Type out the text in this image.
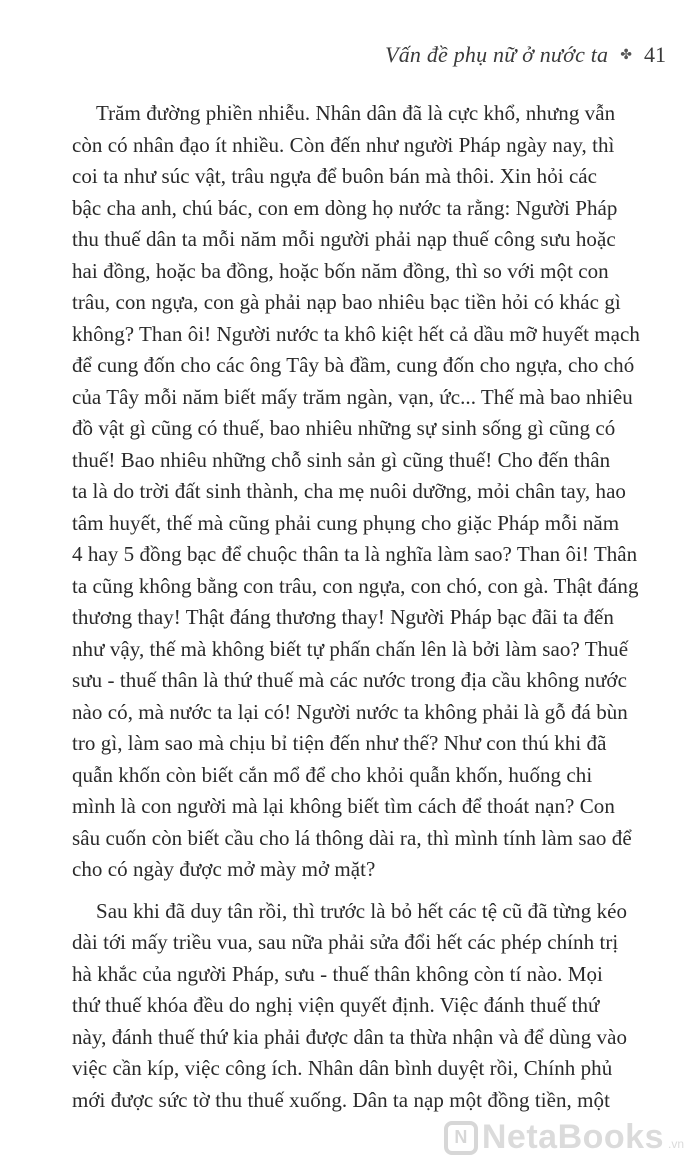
Vấn đề phụ nữ ở nước ta ✤ 41

Trăm đường phiền nhiễu. Nhân dân đã là cực khổ, nhưng vẫn

còn có nhân đạo ít nhiều. Còn đến như người Pháp ngày nay, thì

coi ta như súc vật, trâu ngựa để buôn bán mà thôi. Xin hỏi các

bậc cha anh, chú bác, con em dòng họ nước ta rằng: Người Pháp

thu thuế dân ta mỗi năm mỗi người phải nạp thuế công sưu hoặc

hai đồng, hoặc ba đồng, hoặc bốn năm đồng, thì so với một con

trâu, con ngựa, con gà phải nạp bao nhiêu bạc tiền hỏi có khác gì

không? Than ôi! Người nước ta khô kiệt hết cả dầu mỡ huyết mạch

để cung đốn cho các ông Tây bà đầm, cung đốn cho ngựa, cho chó

của Tây mỗi năm biết mấy trăm ngàn, vạn, ức... Thế mà bao nhiêu

đồ vật gì cũng có thuế, bao nhiêu những sự sinh sống gì cũng có

thuế! Bao nhiêu những chỗ sinh sản gì cũng thuế! Cho đến thân

ta là do trời đất sinh thành, cha mẹ nuôi dưỡng, mỏi chân tay, hao

tâm huyết, thế mà cũng phải cung phụng cho giặc Pháp mỗi năm

4 hay 5 đồng bạc để chuộc thân ta là nghĩa làm sao? Than ôi! Thân

ta cũng không bằng con trâu, con ngựa, con chó, con gà. Thật đáng

thương thay! Thật đáng thương thay! Người Pháp bạc đãi ta đến

như vậy, thế mà không biết tự phấn chấn lên là bởi làm sao? Thuế

sưu - thuế thân là thứ thuế mà các nước trong địa cầu không nước

nào có, mà nước ta lại có! Người nước ta không phải là gỗ đá bùn

tro gì, làm sao mà chịu bỉ tiện đến như thế? Như con thú khi đã

quẫn khốn còn biết cắn mổ để cho khỏi quẫn khốn, huống chi

mình là con người mà lại không biết tìm cách để thoát nạn? Con

sâu cuốn còn biết cầu cho lá thông dài ra, thì mình tính làm sao để

cho có ngày được mở mày mở mặt?

Sau khi đã duy tân rồi, thì trước là bỏ hết các tệ cũ đã từng kéo

dài tới mấy triều vua, sau nữa phải sửa đổi hết các phép chính trị

hà khắc của người Pháp, sưu - thuế thân không còn tí nào. Mọi

thứ thuế khóa đều do nghị viện quyết định. Việc đánh thuế thứ

này, đánh thuế thứ kia phải được dân ta thừa nhận và để dùng vào

việc cần kíp, việc công ích. Nhân dân bình duyệt rồi, Chính phủ

mới được sức tờ thu thuế xuống. Dân ta nạp một đồng tiền, một

N NetaBooks .vn
